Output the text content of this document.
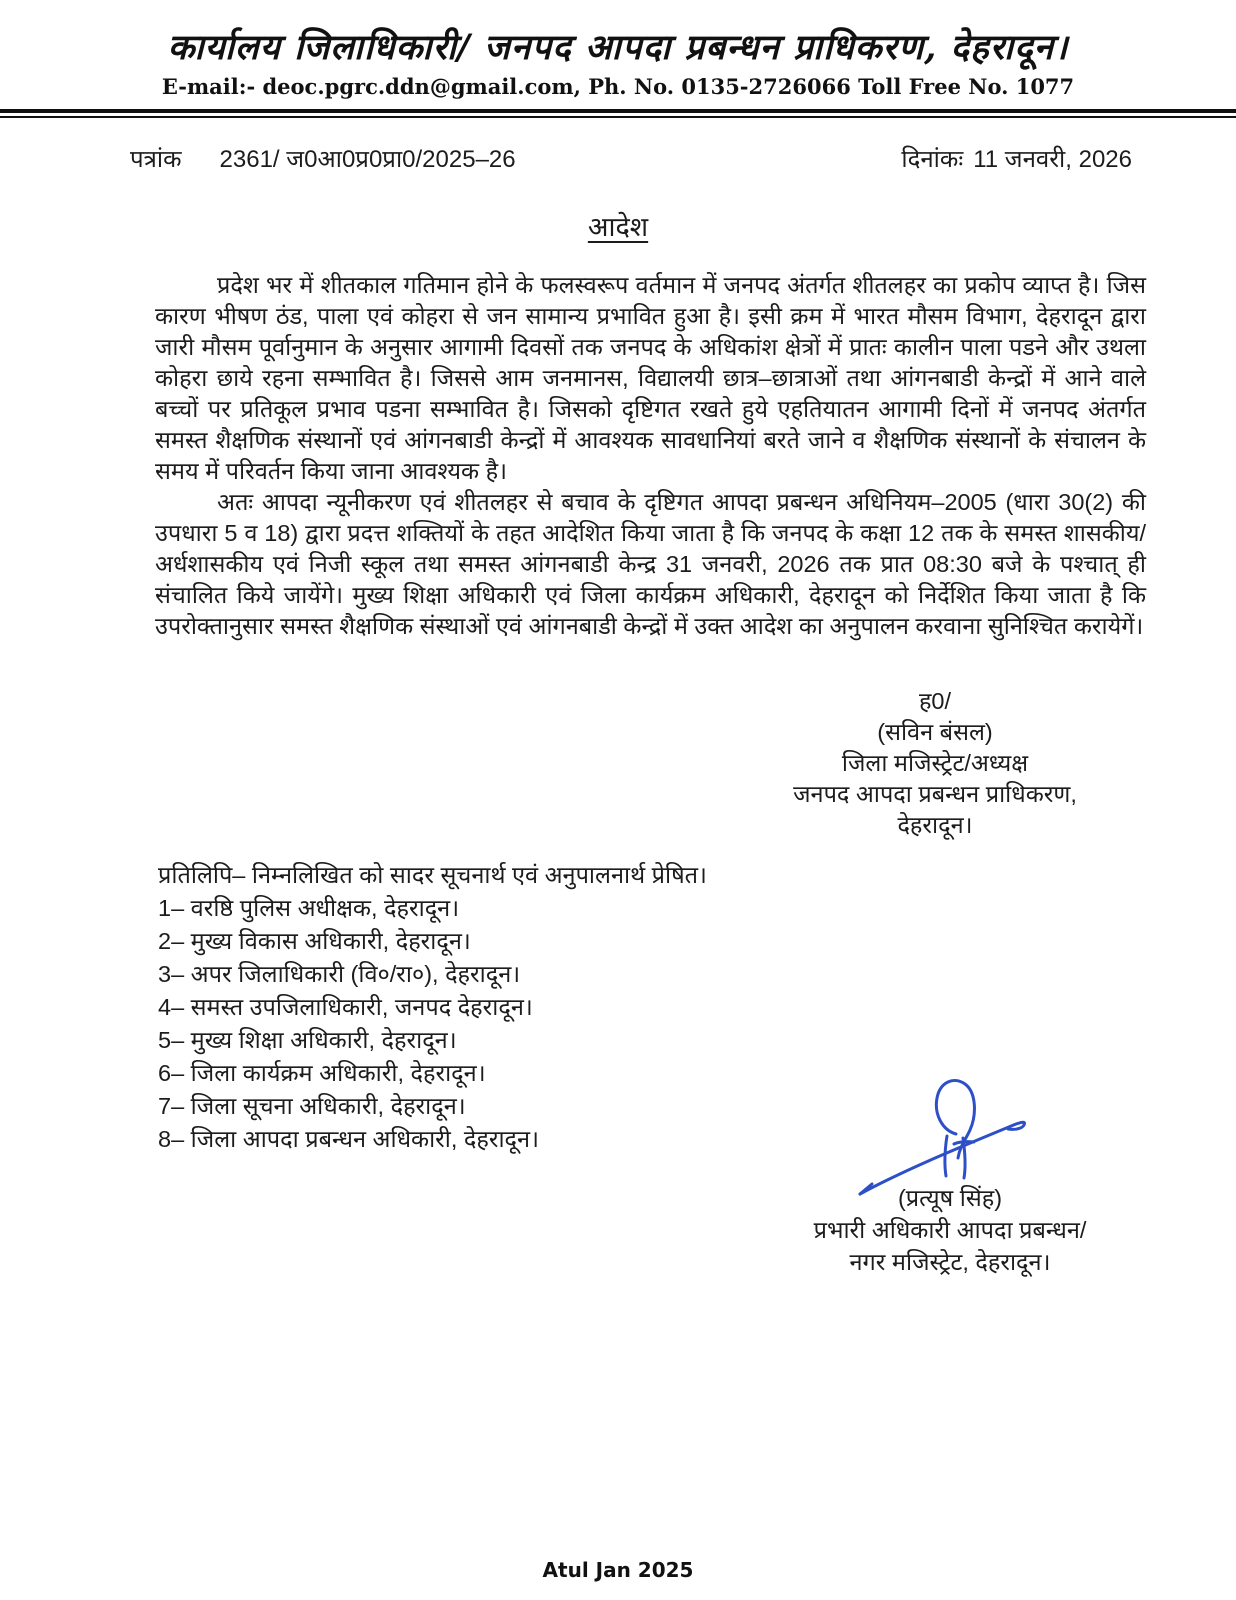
कार्यालय जिलाधिकारी/ जनपद आपदा प्रबन्धन प्राधिकरण, देहरादून।
E-mail:- deoc.pgrc.ddn@gmail.com, Ph. No. 0135-2726066 Toll Free No. 1077
पत्रांक 2361/ ज0आ0प्र0प्रा0/2025–26	दिनांकः 11 जनवरी, 2026
आदेश

प्रदेश भर में शीतकाल गतिमान होने के फलस्वरूप वर्तमान में जनपद अंतर्गत शीतलहर का प्रकोप व्याप्त है। जिस कारण भीषण ठंड, पाला एवं कोहरा से जन सामान्य प्रभावित हुआ है। इसी क्रम में भारत मौसम विभाग, देहरादून द्वारा जारी मौसम पूर्वानुमान के अनुसार आगामी दिवसों तक जनपद के अधिकांश क्षेत्रों में प्रातः कालीन पाला पडने और उथला कोहरा छाये रहना सम्भावित है। जिससे आम जनमानस, विद्यालयी छात्र–छात्राओं तथा आंगनबाडी केन्द्रों में आने वाले बच्चों पर प्रतिकूल प्रभाव पडना सम्भावित है। जिसको दृष्टिगत रखते हुये एहतियातन आगामी दिनों में जनपद अंतर्गत समस्त शैक्षणिक संस्थानों एवं आंगनबाडी केन्द्रों में आवश्यक सावधानियां बरते जाने व शैक्षणिक संस्थानों के संचालन के समय में परिवर्तन किया जाना आवश्यक है।

अतः आपदा न्यूनीकरण एवं शीतलहर से बचाव के दृष्टिगत आपदा प्रबन्धन अधिनियम–2005 (धारा 30(2) की उपधारा 5 व 18) द्वारा प्रदत्त शक्तियों के तहत आदेशित किया जाता है कि जनपद के कक्षा 12 तक के समस्त शासकीय/अर्धशासकीय एवं निजी स्कूल तथा समस्त आंगनबाडी केन्द्र 31 जनवरी, 2026 तक प्रात 08:30 बजे के पश्चात् ही संचालित किये जायेंगे। मुख्य शिक्षा अधिकारी एवं जिला कार्यक्रम अधिकारी, देहरादून को निर्देशित किया जाता है कि उपरोक्तानुसार समस्त शैक्षणिक संस्थाओं एवं आंगनबाडी केन्द्रों में उक्त आदेश का अनुपालन करवाना सुनिश्चित करायेगें।

ह0/
(सविन बंसल)
जिला मजिस्ट्रेट/अध्यक्ष
जनपद आपदा प्रबन्धन प्राधिकरण,
देहरादून।
प्रतिलिपि– निम्नलिखित को सादर सूचनार्थ एवं अनुपालनार्थ प्रेषित।
1– वरष्ठि पुलिस अधीक्षक, देहरादून।
2– मुख्य विकास अधिकारी, देहरादून।
3– अपर जिलाधिकारी (वि०/रा०), देहरादून।
4– समस्त उपजिलाधिकारी, जनपद देहरादून।
5– मुख्य शिक्षा अधिकारी, देहरादून।
6– जिला कार्यक्रम अधिकारी, देहरादून।
7– जिला सूचना अधिकारी, देहरादून।
8– जिला आपदा प्रबन्धन अधिकारी, देहरादून।
(प्रत्यूष सिंह)
प्रभारी अधिकारी आपदा प्रबन्धन/
नगर मजिस्ट्रेट, देहरादून।
Atul Jan 2025
